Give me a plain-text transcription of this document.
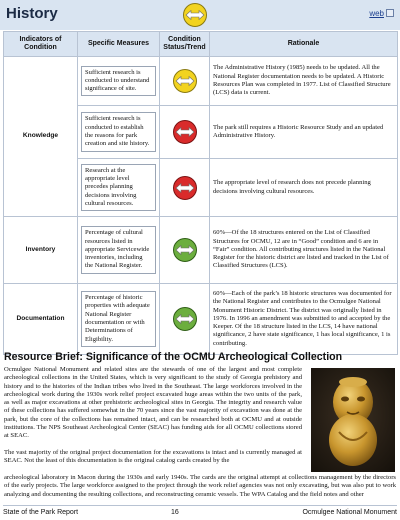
History	web
Indicators of Condition	Specific Measures	Condition Status/Trend	Rationale
Knowledge	Sufficient research is conducted to understand significance of site.		The Administrative History (1985) needs to be updated. All the National Register documentation needs to be updated. A Historic Resources Plan was completed in 1977. List of Classified Structure (LCS) data is current.

	Sufficient research is conducted to establish the reasons for park creation and site history.		The park still requires a Historic Resource Study and an updated Administrative History.

	Research at the appropriate level precedes planning decisions involving cultural resources.		The appropriate level of research does not precede planning decisions involving cultural resources.
Inventory	Percentage of cultural resources listed in appropriate Servicewide inventories, including the National Register.		60%—Of the 18 structures entered on the List of Classified Structures for OCMU, 12 are in “Good” condition and 6 are in “Fair” condition. All contributing structures listed in the National Register for the historic district are listed and tracked in the List of Classified Structures (LCS).
Documentation	Percentage of historic properties with adequate National Register documentation or with Determinations of Eligibility.		60%—Each of the park’s 18 historic structures was documented for the National Register and contributes to the Ocmulgee National Monument Historic District. The district was originally listed in 1976. In 1996 an amendment was submitted to and accepted by the Keeper. Of the 18 structure listed in the LCS, 14 have national significance, 2 have state significance, 1 has local significance, 1 is contributing.
Resource Brief: Significance of the OCMU Archeological Collection

Ocmulgee National Monument and related sites are the stewards of one of the largest and most complete archeological collections in the United States, which is very significant to the study of Georgia prehistory and history and to the histories of the Indian tribes who lived in the Southeast. The large workforces involved in the archeological work during the 1930s work relief project excavated huge areas within the two units of the park, as well as major excavations at other prehistoric archeological sites in Georgia. The integrity and research value of these collections has suffered somewhat in the 70 years since the vast majority of excavation was done at the park, but the core of the collections has remained intact, and can be researched both at OCMU and at outside institutions. The NPS Southeast Archeological Center (SEAC) has funding aids for all OCMU collections stored at SEAC.

The vast majority of the original project documentation for the excavations is intact and is currently managed at SEAC. Not the least of this documentation is the original catalog cards created by the

archeological laboratory in Macon during the 1930s and early 1940s. The cards are the original attempt at collections management by the directors of the early projects. The large workforce assigned to the project through the work relief agencies was not only excavating, but was also put to work analyzing and documenting the resulting collections, and reconstructing ceramic vessels. The WPA Catalog and the field notes and other

State of the Park Report	16	Ocmulgee National Monument
